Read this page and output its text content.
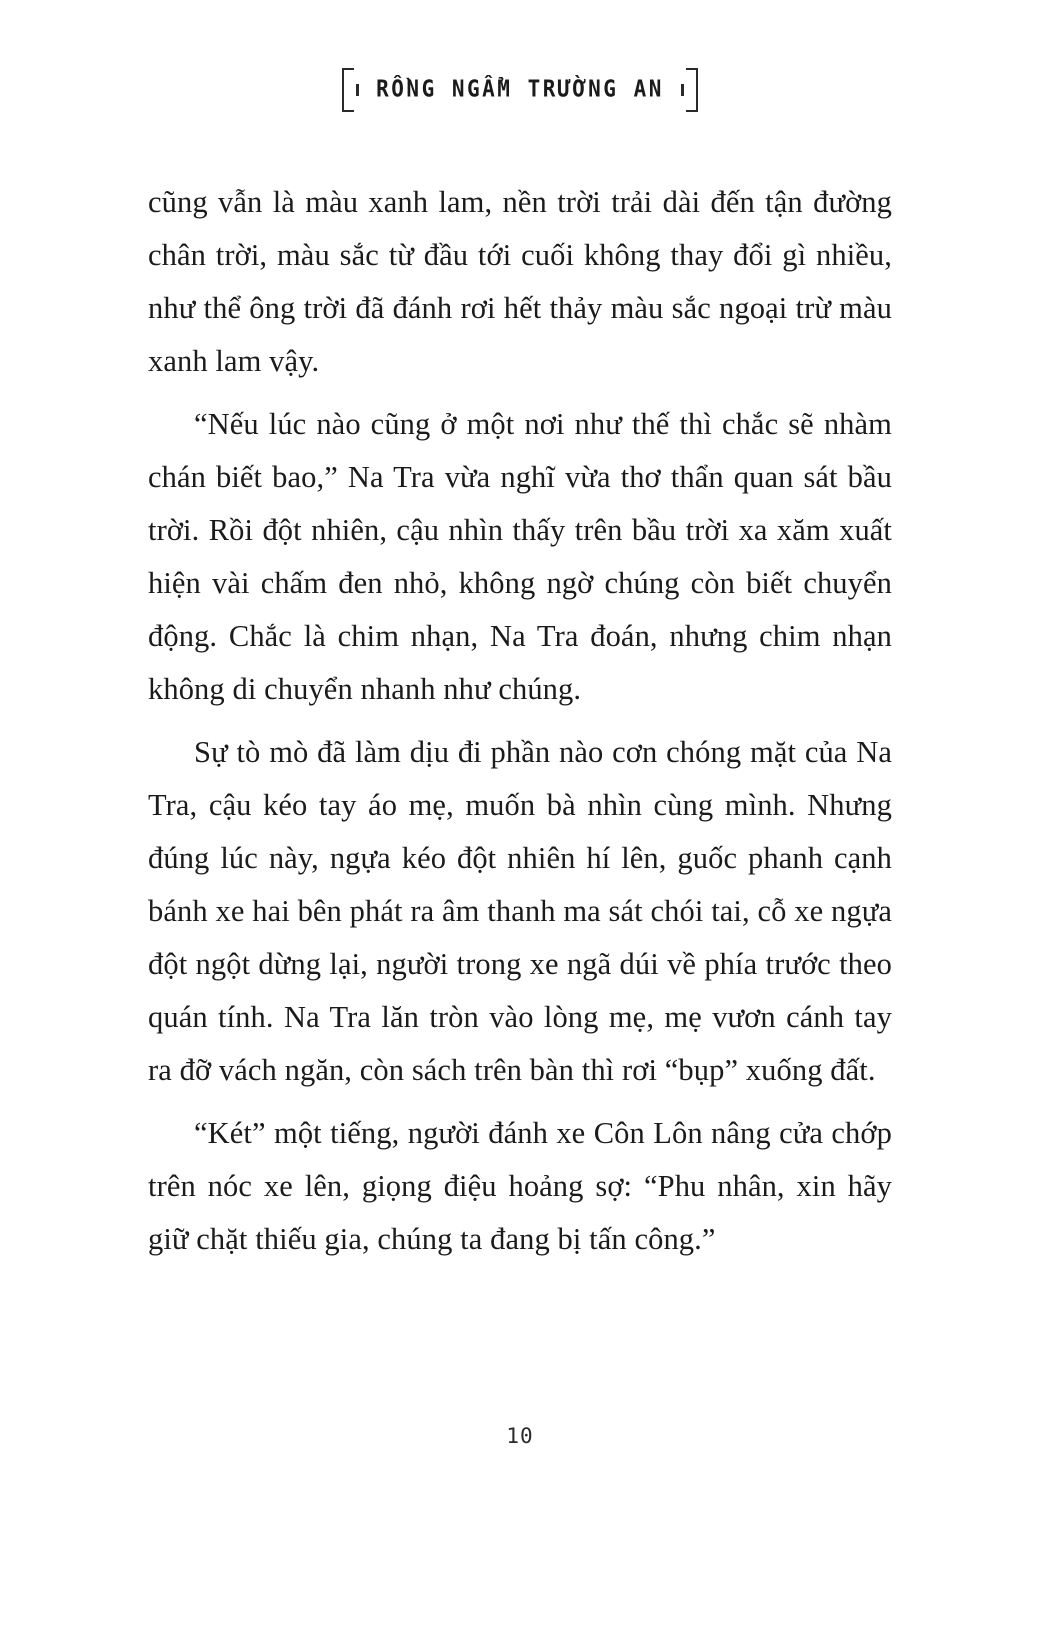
RỒNG NGẨM TRƯỜNG AN

cũng vẫn là màu xanh lam, nền trời trải dài đến tận đường chân trời, màu sắc từ đầu tới cuối không thay đổi gì nhiều, như thể ông trời đã đánh rơi hết thảy màu sắc ngoại trừ màu xanh lam vậy.

“Nếu lúc nào cũng ở một nơi như thế thì chắc sẽ nhàm chán biết bao,” Na Tra vừa nghĩ vừa thơ thẩn quan sát bầu trời. Rồi đột nhiên, cậu nhìn thấy trên bầu trời xa xăm xuất hiện vài chấm đen nhỏ, không ngờ chúng còn biết chuyển động. Chắc là chim nhạn, Na Tra đoán, nhưng chim nhạn không di chuyển nhanh như chúng.

Sự tò mò đã làm dịu đi phần nào cơn chóng mặt của Na Tra, cậu kéo tay áo mẹ, muốn bà nhìn cùng mình. Nhưng đúng lúc này, ngựa kéo đột nhiên hí lên, guốc phanh cạnh bánh xe hai bên phát ra âm thanh ma sát chói tai, cỗ xe ngựa đột ngột dừng lại, người trong xe ngã dúi về phía trước theo quán tính. Na Tra lăn tròn vào lòng mẹ, mẹ vươn cánh tay ra đỡ vách ngăn, còn sách trên bàn thì rơi “bụp” xuống đất.

“Két” một tiếng, người đánh xe Côn Lôn nâng cửa chớp trên nóc xe lên, giọng điệu hoảng sợ: “Phu nhân, xin hãy giữ chặt thiếu gia, chúng ta đang bị tấn công.”

10
